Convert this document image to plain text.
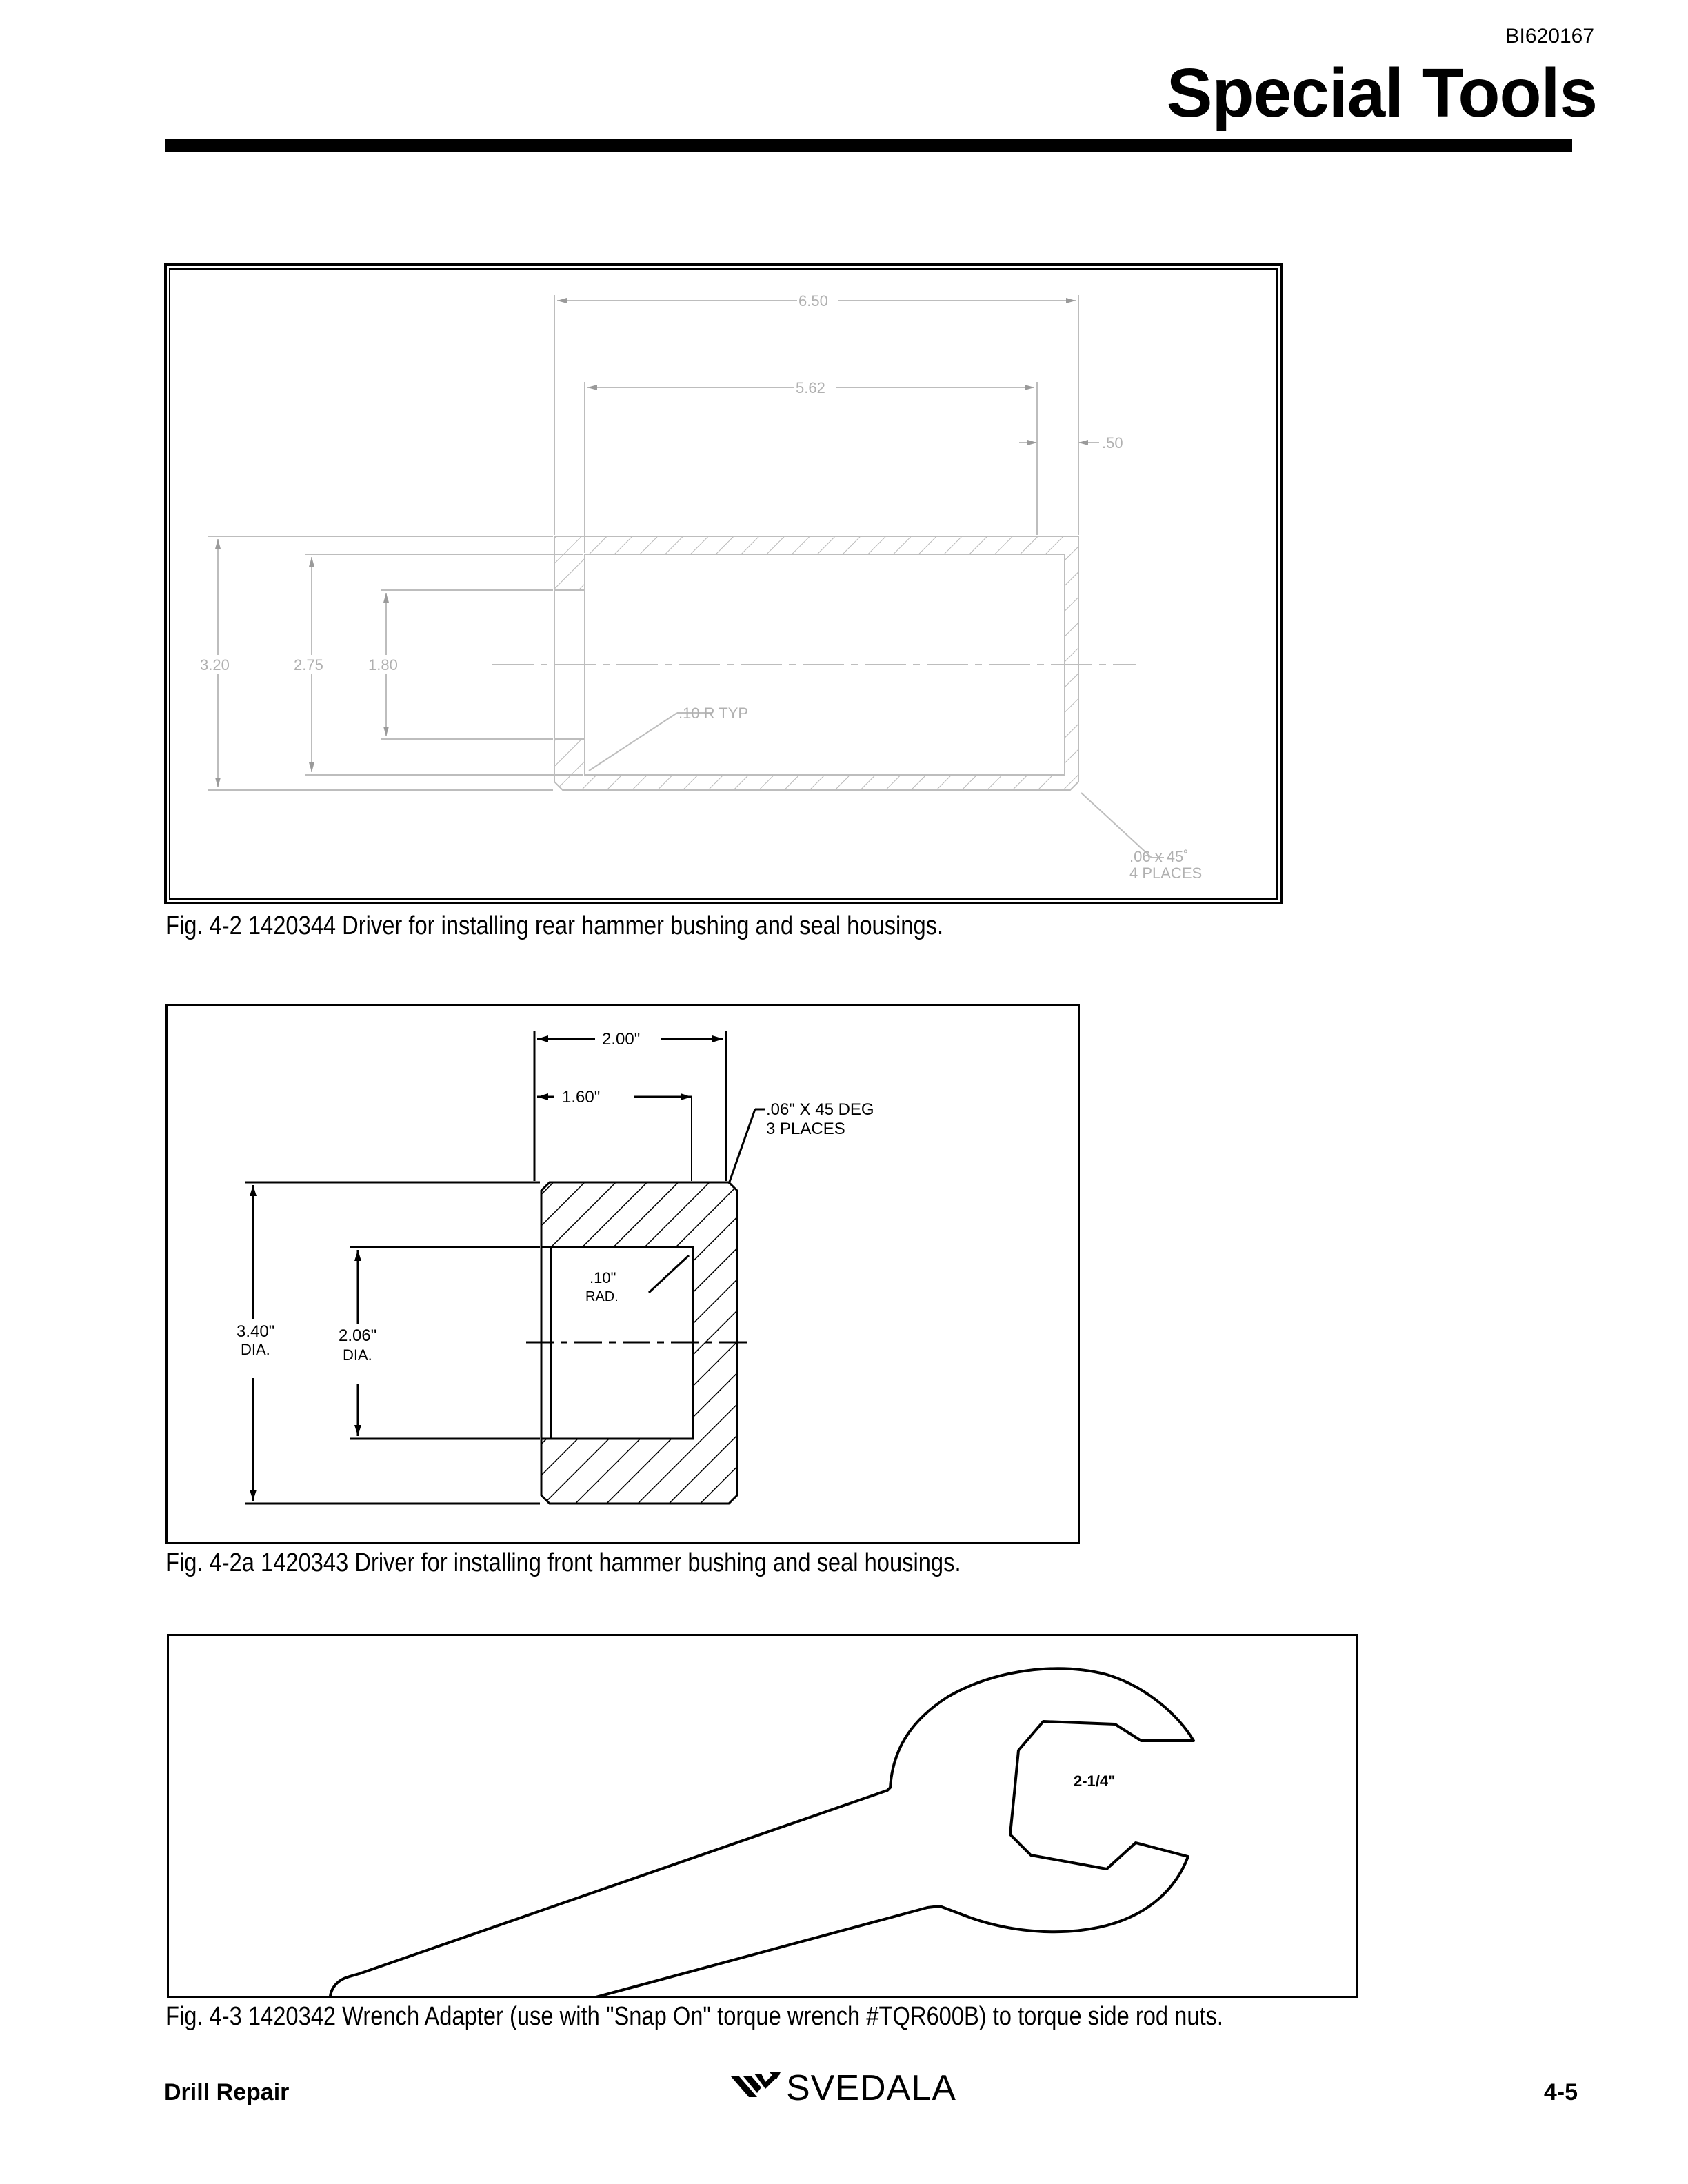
BI620167
Special Tools
6.50
5.62
.50
3.20	2.75	1.80
.10 R TYP
.06 x 45˚
4 PLACES
Fig. 4-2 1420344 Driver for installing rear hammer bushing and seal housings.
2.00"
1.60"
.06" X 45 DEG
3 PLACES
.10"
RAD.
3.40"
DIA.
2.06"
DIA.
Fig. 4-2a 1420343 Driver for installing front hammer bushing and seal housings.
2-1/4"
Fig. 4-3 1420342 Wrench Adapter (use with "Snap On" torque wrench #TQR600B) to torque side rod nuts.
Drill Repair	SVEDALA	4-5
